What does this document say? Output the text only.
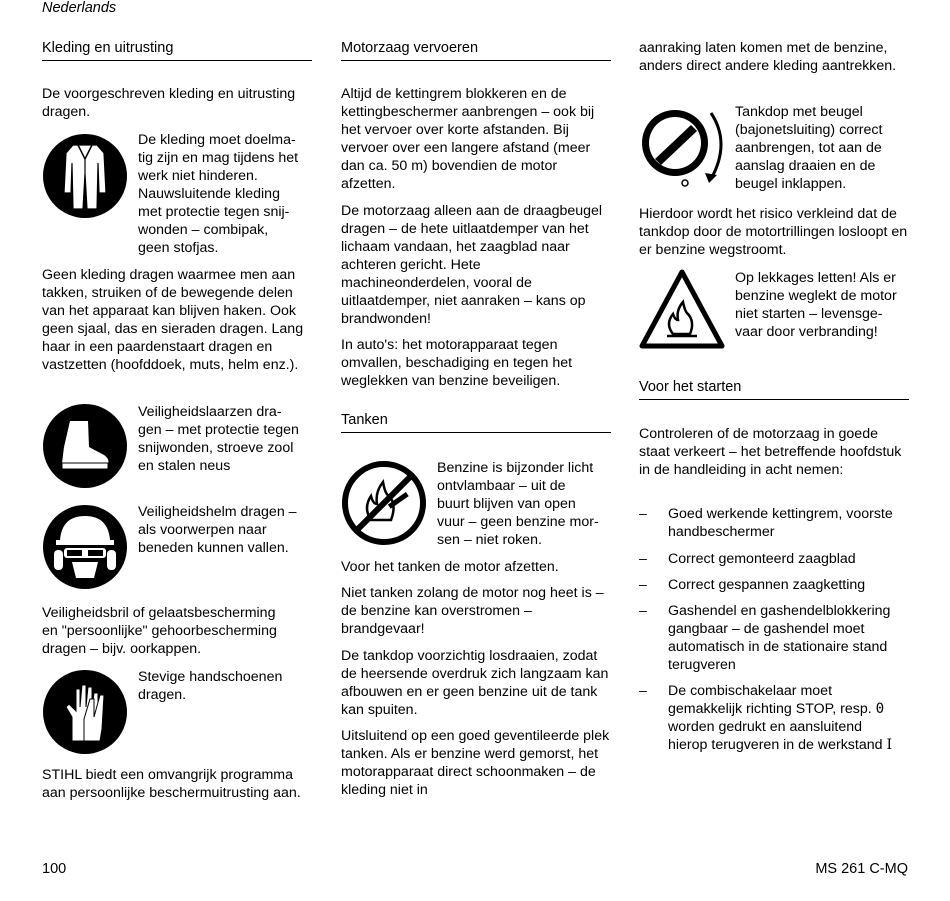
Nederlands
Kleding en uitrusting
De voorgeschreven kleding en uitrusting dragen.
De kleding moet doelma-
tig zijn en mag tijdens het
werk niet hinderen.
Nauwsluitende kleding
met protectie tegen snij-
wonden – combipak,
geen stofjas.
Geen kleding dragen waarmee men aan takken, struiken of de bewegende delen van het apparaat kan blijven haken. Ook geen sjaal, das en sieraden dragen. Lang haar in een paardenstaart dragen en vastzetten (hoofddoek, muts, helm enz.).
Veiligheidslaarzen dra-
gen – met protectie tegen
snijwonden, stroeve zool
en stalen neus
Veiligheidshelm dragen –
als voorwerpen naar
beneden kunnen vallen.
Veiligheidsbril of gelaatsbescherming
en "persoonlijke" gehoorbescherming
dragen – bijv. oorkappen.
Stevige handschoenen
dragen.
STIHL biedt een omvangrijk programma aan persoonlijke beschermuitrusting aan.
Motorzaag vervoeren
Altijd de kettingrem blokkeren en de kettingbeschermer aanbrengen – ook bij het vervoer over korte afstanden. Bij vervoer over een langere afstand (meer dan ca. 50 m) bovendien de motor afzetten.
De motorzaag alleen aan de draagbeugel dragen – de hete uitlaatdemper van het lichaam vandaan, het zaagblad naar achteren gericht. Hete machineonderdelen, vooral de uitlaatdemper, niet aanraken – kans op brandwonden!
In auto's: het motorapparaat tegen omvallen, beschadiging en tegen het weglekken van benzine beveiligen.
Tanken
Benzine is bijzonder licht
ontvlambaar – uit de
buurt blijven van open
vuur – geen benzine mor-
sen – niet roken.
Voor het tanken de motor afzetten.
Niet tanken zolang de motor nog heet is – de benzine kan overstromen – brandgevaar!
De tankdop voorzichtig losdraaien, zodat de heersende overdruk zich langzaam kan afbouwen en er geen benzine uit de tank kan spuiten.
Uitsluitend op een goed geventileerde plek tanken. Als er benzine werd gemorst, het motorapparaat direct schoonmaken – de kleding niet in
aanraking laten komen met de benzine, anders direct andere kleding aantrekken.
Tankdop met beugel
(bajonetsluiting) correct
aanbrengen, tot aan de
aanslag draaien en de
beugel inklappen.
Hierdoor wordt het risico verkleind dat de tankdop door de motortrillingen losloopt en er benzine wegstroomt.
Op lekkages letten! Als er
benzine weglekt de motor
niet starten – levensge-
vaar door verbranding!
Voor het starten
Controleren of de motorzaag in goede staat verkeert – het betreffende hoofdstuk in de handleiding in acht nemen:
– Goed werkende kettingrem, voorste handbeschermer
– Correct gemonteerd zaagblad
– Correct gespannen zaagketting
– Gashendel en gashendelblokkering gangbaar – de gashendel moet automatisch in de stationaire stand terugveren
– De combischakelaar moet
gemakkelijk richting STOP, resp. 0
worden gedrukt en aansluitend
hierop terugveren in de werkstand I
100	MS 261 C-MQ
